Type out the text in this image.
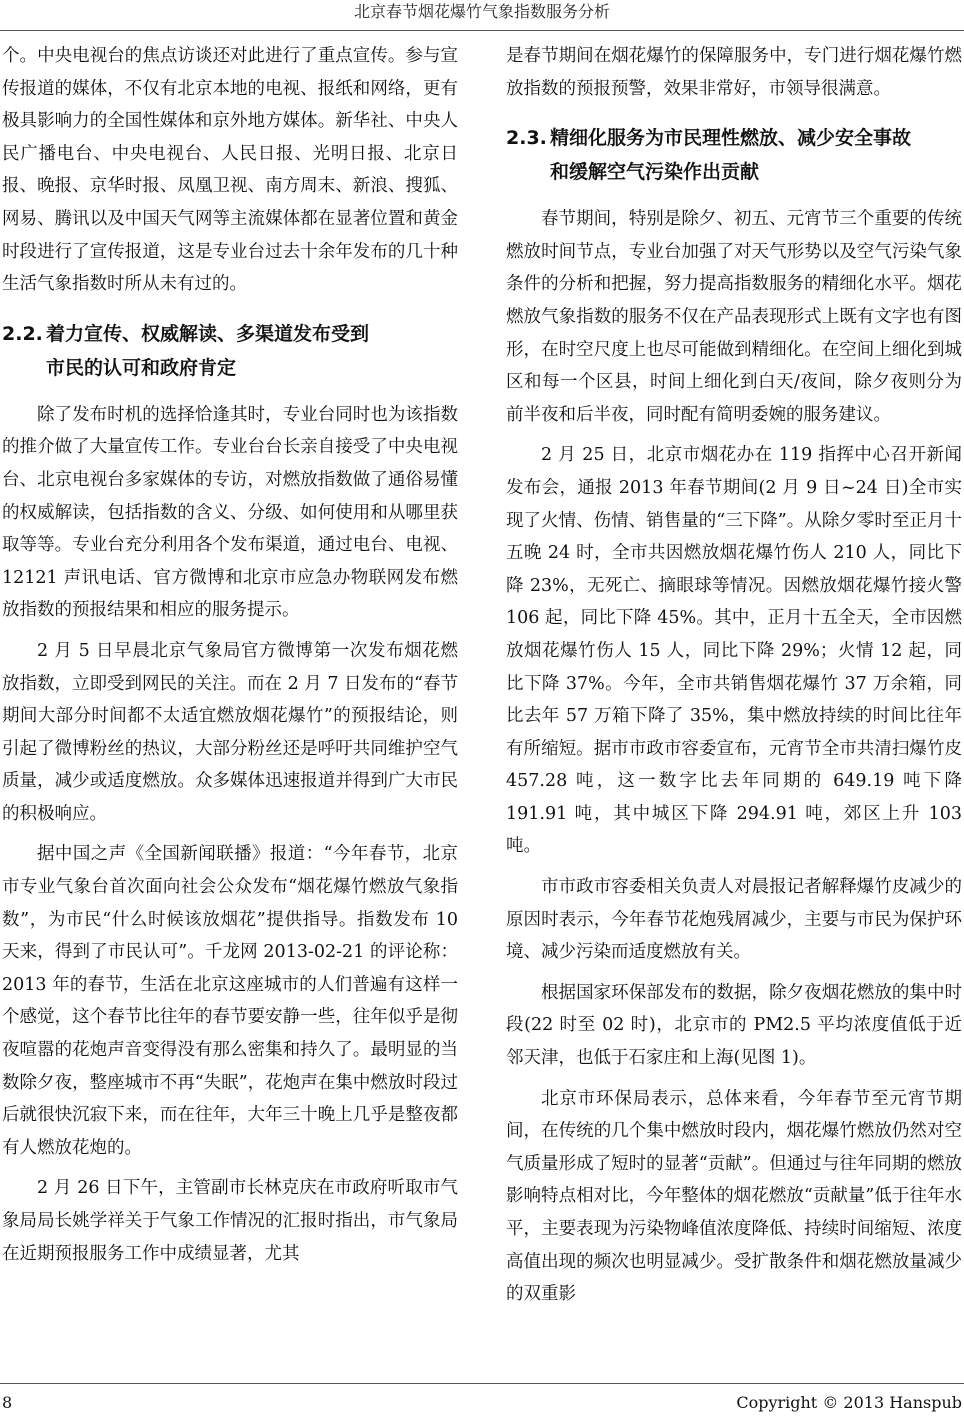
北京春节烟花爆竹气象指数服务分析

个。中央电视台的焦点访谈还对此进行了重点宣传。参与宣传报道的媒体，不仅有北京本地的电视、报纸和网络，更有极具影响力的全国性媒体和京外地方媒体。新华社、中央人民广播电台、中央电视台、人民日报、光明日报、北京日报、晚报、京华时报、凤凰卫视、南方周末、新浪、搜狐、网易、腾讯以及中国天气网等主流媒体都在显著位置和黄金时段进行了宣传报道，这是专业台过去十余年发布的几十种生活气象指数时所从未有过的。

2.2. 着力宣传、权威解读、多渠道发布受到
市民的认可和政府肯定

除了发布时机的选择恰逢其时，专业台同时也为该指数的推介做了大量宣传工作。专业台台长亲自接受了中央电视台、北京电视台多家媒体的专访，对燃放指数做了通俗易懂的权威解读，包括指数的含义、分级、如何使用和从哪里获取等等。专业台充分利用各个发布渠道，通过电台、电视、12121 声讯电话、官方微博和北京市应急办物联网发布燃放指数的预报结果和相应的服务提示。

2 月 5 日早晨北京气象局官方微博第一次发布烟花燃放指数，立即受到网民的关注。而在 2 月 7 日发布的“春节期间大部分时间都不太适宜燃放烟花爆竹”的预报结论，则引起了微博粉丝的热议，大部分粉丝还是呼吁共同维护空气质量，减少或适度燃放。众多媒体迅速报道并得到广大市民的积极响应。

据中国之声《全国新闻联播》报道：“今年春节，北京市专业气象台首次面向社会公众发布“烟花爆竹燃放气象指数”，为市民“什么时候该放烟花”提供指导。指数发布 10 天来，得到了市民认可”。千龙网 2013-02-21 的评论称：2013 年的春节，生活在北京这座城市的人们普遍有这样一个感觉，这个春节比往年的春节要安静一些，往年似乎是彻夜喧嚣的花炮声音变得没有那么密集和持久了。最明显的当数除夕夜，整座城市不再“失眠”，花炮声在集中燃放时段过后就很快沉寂下来，而在往年，大年三十晚上几乎是整夜都有人燃放花炮的。

2 月 26 日下午，主管副市长林克庆在市政府听取市气象局局长姚学祥关于气象工作情况的汇报时指出，市气象局在近期预报服务工作中成绩显著，尤其

是春节期间在烟花爆竹的保障服务中，专门进行烟花爆竹燃放指数的预报预警，效果非常好，市领导很满意。

2.3. 精细化服务为市民理性燃放、减少安全事故
和缓解空气污染作出贡献

春节期间，特别是除夕、初五、元宵节三个重要的传统燃放时间节点，专业台加强了对天气形势以及空气污染气象条件的分析和把握，努力提高指数服务的精细化水平。烟花燃放气象指数的服务不仅在产品表现形式上既有文字也有图形，在时空尺度上也尽可能做到精细化。在空间上细化到城区和每一个区县，时间上细化到白天/夜间，除夕夜则分为前半夜和后半夜，同时配有简明委婉的服务建议。

2 月 25 日，北京市烟花办在 119 指挥中心召开新闻发布会，通报 2013 年春节期间(2 月 9 日~24 日)全市实现了火情、伤情、销售量的“三下降”。从除夕零时至正月十五晚 24 时，全市共因燃放烟花爆竹伤人 210 人，同比下降 23%，无死亡、摘眼球等情况。因燃放烟花爆竹接火警 106 起，同比下降 45%。其中，正月十五全天，全市因燃放烟花爆竹伤人 15 人，同比下降 29%；火情 12 起，同比下降 37%。今年，全市共销售烟花爆竹 37 万余箱，同比去年 57 万箱下降了 35%，集中燃放持续的时间比往年有所缩短。据市市政市容委宣布，元宵节全市共清扫爆竹皮 457.28 吨，这一数字比去年同期的 649.19 吨下降 191.91 吨，其中城区下降 294.91 吨，郊区上升 103 吨。

市市政市容委相关负责人对晨报记者解释爆竹皮减少的原因时表示，今年春节花炮残屑减少，主要与市民为保护环境、减少污染而适度燃放有关。

根据国家环保部发布的数据，除夕夜烟花燃放的集中时段(22 时至 02 时)，北京市的 PM2.5 平均浓度值低于近邻天津，也低于石家庄和上海(见图 1)。

北京市环保局表示，总体来看，今年春节至元宵节期间，在传统的几个集中燃放时段内，烟花爆竹燃放仍然对空气质量形成了短时的显著“贡献”。但通过与往年同期的燃放影响特点相对比，今年整体的烟花燃放“贡献量”低于往年水平，主要表现为污染物峰值浓度降低、持续时间缩短、浓度高值出现的频次也明显减少。受扩散条件和烟花燃放量减少的双重影

8	Copyright © 2013 Hanspub
